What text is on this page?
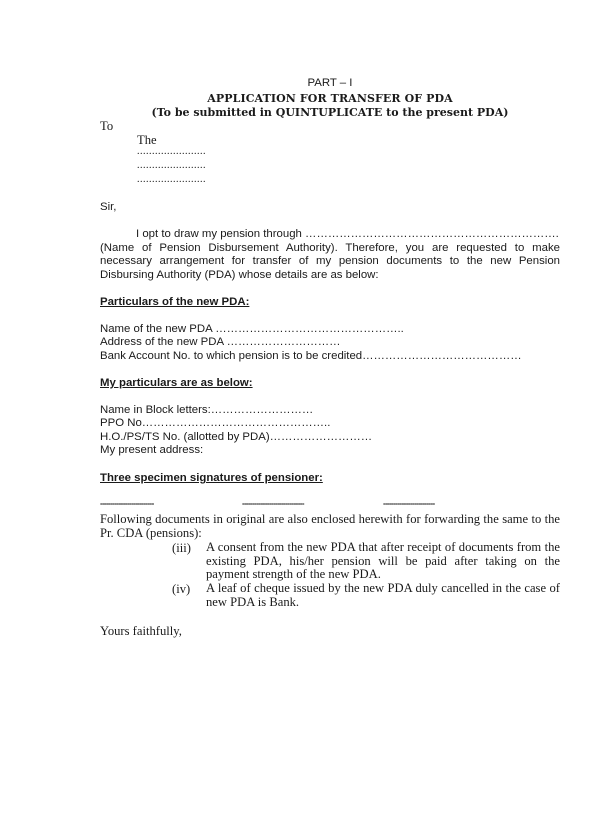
PART – I
APPLICATION FOR TRANSFER OF PDA
(To be submitted in QUINTUPLICATE to the present PDA)
To
The
.......................
.......................
.......................
Sir,
I opt to draw my pension through ………………………………………………………….
(Name of Pension Disbursement Authority). Therefore, you are requested to make necessary arrangement for transfer of my pension documents to the new Pension Disbursing Authority (PDA) whose details are as below:
Particulars of the new PDA:
Name of the new PDA …………………………………………..
Address of the new PDA …………………………
Bank Account No. to which pension is to be credited……………………………………
My particulars are as below:
Name in Block letters:………………………
PPO No…………………………………………..
H.O./PS/TS No. (allotted by PDA)………………………
My present address:
Three specimen signatures of pensioner:
--------------------------	------------------------------	-------------------------
Following documents in original are also enclosed herewith for forwarding the same to the Pr. CDA (pensions):
(iii) A consent from the new PDA that after receipt of documents from the existing PDA, his/her pension will be paid after taking on the payment strength of the new PDA.
(iv) A leaf of cheque issued by the new PDA duly cancelled in the case of new PDA is Bank.
Yours faithfully,
